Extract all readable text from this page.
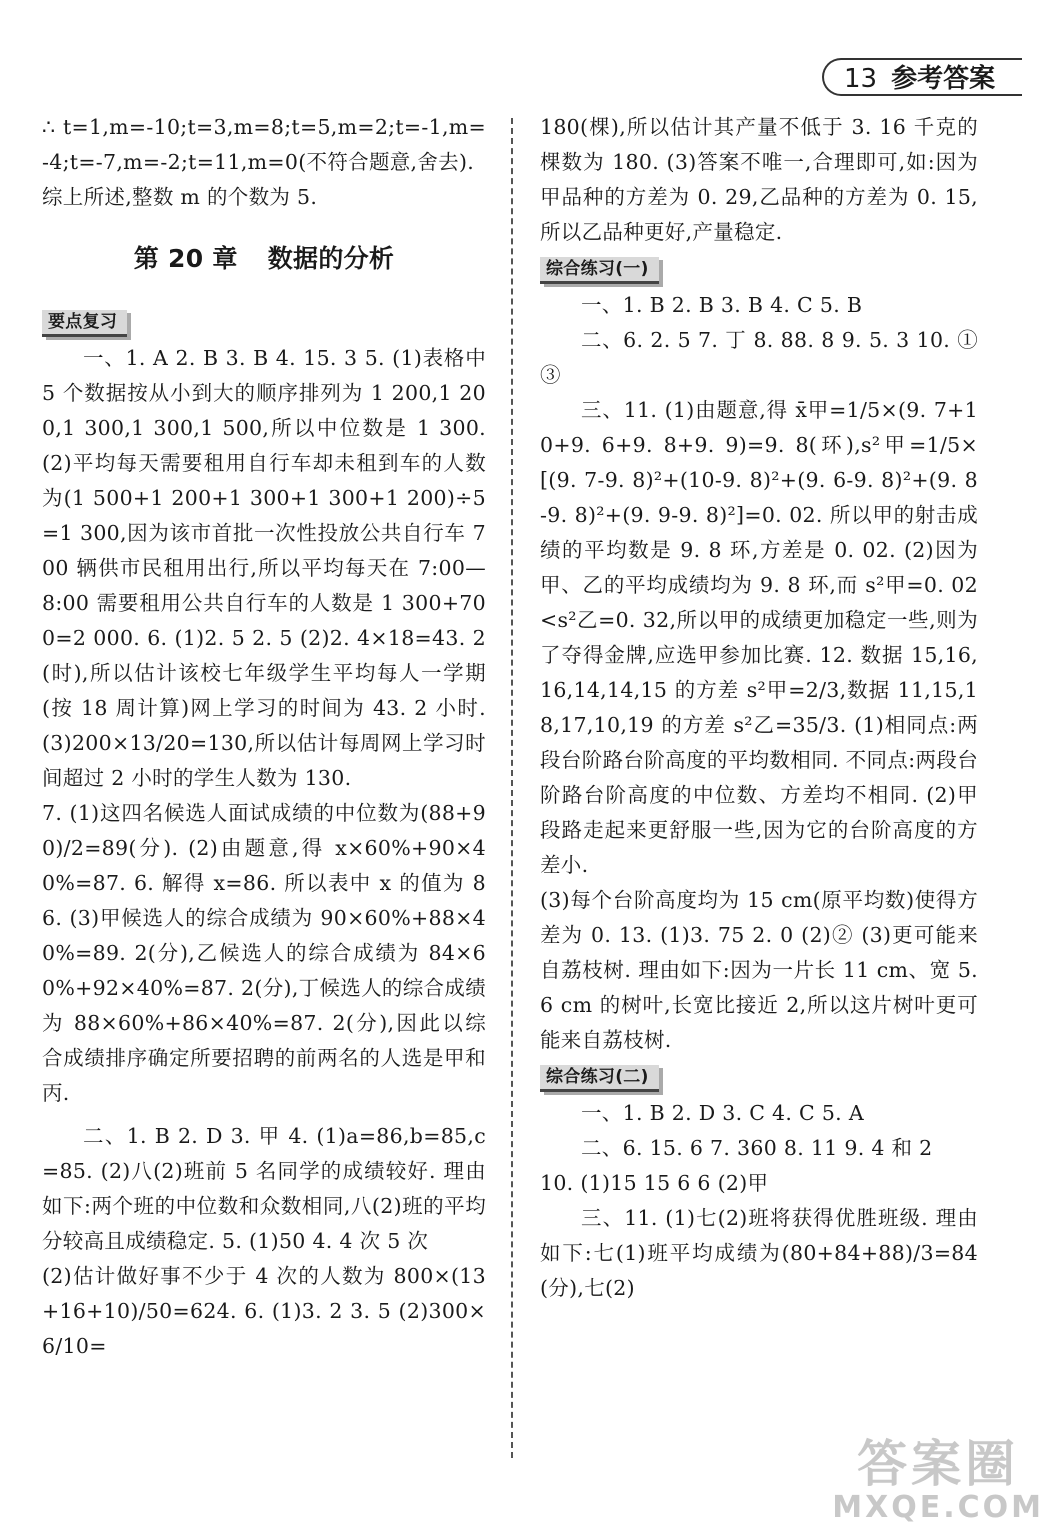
13 参考答案

∴ t=1,m=-10;t=3,m=8;t=5,m=2;t=-1,m=-4;t=-7,m=-2;t=11,m=0(不符合题意,舍去).

综上所述,整数 m 的个数为 5.

第 20 章 数据的分析
要点复习

一、1. A 2. B 3. B 4. 15. 3 5. (1)表格中 5 个数据按从小到大的顺序排列为 1 200,1 200,1 300,1 300,1 500,所以中位数是 1 300. (2)平均每天需要租用自行车却未租到车的人数为(1 500+1 200+1 300+1 300+1 200)÷5=1 300,因为该市首批一次性投放公共自行车 700 辆供市民租用出行,所以平均每天在 7:00—8:00 需要租用公共自行车的人数是 1 300+700=2 000. 6. (1)2. 5 2. 5 (2)2. 4×18=43. 2(时),所以估计该校七年级学生平均每人一学期(按 18 周计算)网上学习的时间为 43. 2 小时. (3)200×13/20=130,所以估计每周网上学习时间超过 2 小时的学生人数为 130.

7. (1)这四名候选人面试成绩的中位数为(88+90)/2=89(分). (2)由题意,得 x×60%+90×40%=87. 6. 解得 x=86. 所以表中 x 的值为 86. (3)甲候选人的综合成绩为 90×60%+88×40%=89. 2(分),乙候选人的综合成绩为 84×60%+92×40%=87. 2(分),丁候选人的综合成绩为 88×60%+86×40%=87. 2(分),因此以综合成绩排序确定所要招聘的前两名的人选是甲和丙.

二、1. B 2. D 3. 甲 4. (1)a=86,b=85,c=85. (2)八(2)班前 5 名同学的成绩较好. 理由如下:两个班的中位数和众数相同,八(2)班的平均分较高且成绩稳定. 5. (1)50 4. 4 次 5 次

(2)估计做好事不少于 4 次的人数为 800×(13+16+10)/50=624. 6. (1)3. 2 3. 5 (2)300×6/10=

180(棵),所以估计其产量不低于 3. 16 千克的棵数为 180. (3)答案不唯一,合理即可,如:因为甲品种的方差为 0. 29,乙品种的方差为 0. 15,所以乙品种更好,产量稳定.

综合练习(一)

一、1. B 2. B 3. B 4. C 5. B

二、6. 2. 5 7. 丁 8. 88. 8 9. 5. 3 10. ①③

三、11. (1)由题意,得 x̄甲=1/5×(9. 7+10+9. 6+9. 8+9. 9)=9. 8(环),s²甲=1/5×[(9. 7-9. 8)²+(10-9. 8)²+(9. 6-9. 8)²+(9. 8-9. 8)²+(9. 9-9. 8)²]=0. 02. 所以甲的射击成绩的平均数是 9. 8 环,方差是 0. 02. (2)因为甲、乙的平均成绩均为 9. 8 环,而 s²甲=0. 02<s²乙=0. 32,所以甲的成绩更加稳定一些,则为了夺得金牌,应选甲参加比赛. 12. 数据 15,16,16,14,14,15 的方差 s²甲=2/3,数据 11,15,18,17,10,19 的方差 s²乙=35/3. (1)相同点:两段台阶路台阶高度的平均数相同. 不同点:两段台阶路台阶高度的中位数、方差均不相同. (2)甲段路走起来更舒服一些,因为它的台阶高度的方差小.

(3)每个台阶高度均为 15 cm(原平均数)使得方差为 0. 13. (1)3. 75 2. 0 (2)② (3)更可能来自荔枝树. 理由如下:因为一片长 11 cm、宽 5. 6 cm 的树叶,长宽比接近 2,所以这片树叶更可能来自荔枝树.

综合练习(二)

一、1. B 2. D 3. C 4. C 5. A

二、6. 15. 6 7. 360 8. 11 9. 4 和 2

10. (1)15 15 6 6 (2)甲

三、11. (1)七(2)班将获得优胜班级. 理由如下:七(1)班平均成绩为(80+84+88)/3=84(分),七(2)

答案圈
MXQE.COM
